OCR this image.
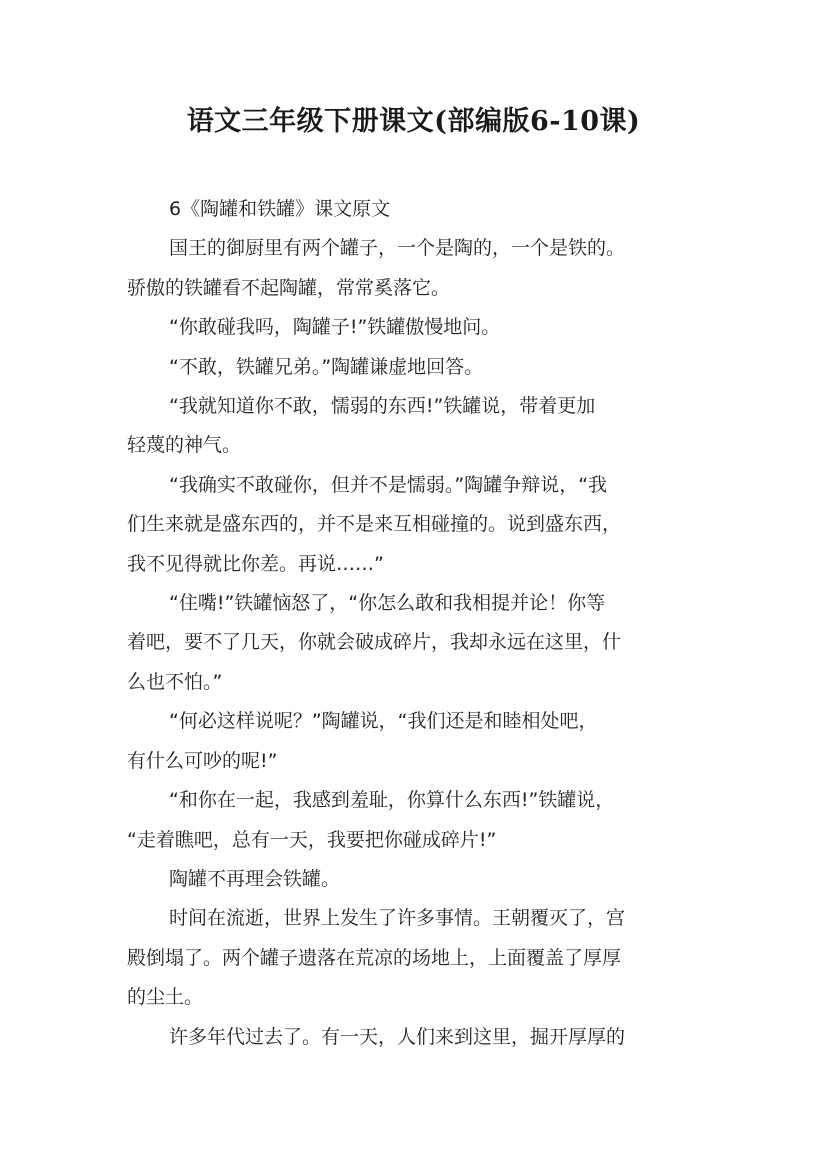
语文三年级下册课文(部编版6-10课)
6《陶罐和铁罐》课文原文
国王的御厨里有两个罐子，一个是陶的，一个是铁的。
骄傲的铁罐看不起陶罐，常常奚落它。
“你敢碰我吗，陶罐子!”铁罐傲慢地问。
“不敢，铁罐兄弟。”陶罐谦虚地回答。
“我就知道你不敢，懦弱的东西!”铁罐说，带着更加
轻蔑的神气。
“我确实不敢碰你，但并不是懦弱。”陶罐争辩说，“我
们生来就是盛东西的，并不是来互相碰撞的。说到盛东西，
我不见得就比你差。再说……”
“住嘴!”铁罐恼怒了，“你怎么敢和我相提并论！你等
着吧，要不了几天，你就会破成碎片，我却永远在这里，什
么也不怕。”
“何必这样说呢？”陶罐说，“我们还是和睦相处吧，
有什么可吵的呢!”
“和你在一起，我感到羞耻，你算什么东西!”铁罐说，
“走着瞧吧，总有一天，我要把你碰成碎片!”
陶罐不再理会铁罐。
时间在流逝，世界上发生了许多事情。王朝覆灭了，宫
殿倒塌了。两个罐子遗落在荒凉的场地上，上面覆盖了厚厚
的尘土。
许多年代过去了。有一天，人们来到这里，掘开厚厚的
